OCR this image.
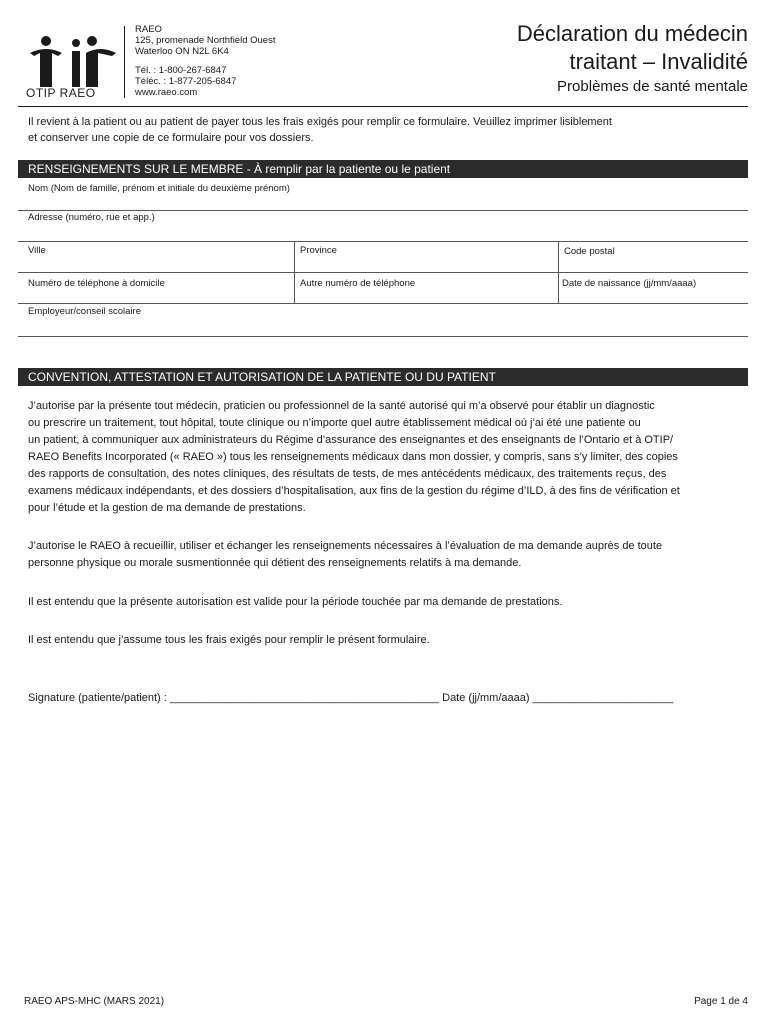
OTIP RAEO
RAEO
125, promenade Northfield Ouest
Waterloo ON N2L 6K4
Tél. : 1-800-267-6847
Téléc. : 1-877-205-6847
www.raeo.com
Déclaration du médecin
traitant – Invalidité
Problèmes de santé mentale
Il revient à la patient ou au patient de payer tous les frais exigés pour remplir ce formulaire. Veuillez imprimer lisiblement
et conserver une copie de ce formulaire pour vos dossiers.
RENSEIGNEMENTS SUR LE MEMBRE - À remplir par la patiente ou le patient
Nom (Nom de famille, prénom et initiale du deuxième prénom)
Adresse (numéro, rue et app.)
Ville	Province	Code postal
Numéro de téléphone à domicile	Autre numéro de téléphone	Date de naissance (jj/mm/aaaa)
Employeur/conseil scolaire
CONVENTION, ATTESTATION ET AUTORISATION DE LA PATIENTE OU DU PATIENT
J’autorise par la présente tout médecin, praticien ou professionnel de la santé autorisé qui m’a observé pour établir un diagnostic
ou prescrire un traitement, tout hôpital, toute clinique ou n’importe quel autre établissement médical où j’ai été une patiente ou
un patient, à communiquer aux administrateurs du Régime d’assurance des enseignantes et des enseignants de l’Ontario et à OTIP/
RAEO Benefits Incorporated (« RAEO ») tous les renseignements médicaux dans mon dossier, y compris, sans s’y limiter, des copies
des rapports de consultation, des notes cliniques, des résultats de tests, de mes antécédents médicaux, des traitements reçus, des
examens médicaux indépendants, et des dossiers d’hospitalisation, aux fins de la gestion du régime d’ILD, à des fins de vérification et
pour l’étude et la gestion de ma demande de prestations.
J’autorise le RAEO à recueillir, utiliser et échanger les renseignements nécessaires à l’évaluation de ma demande auprès de toute
personne physique ou morale susmentionnée qui détient des renseignements relatifs à ma demande.
Il est entendu que la présente autorisation est valide pour la période touchée par ma demande de prestations.
Il est entendu que j’assume tous les frais exigés pour remplir le présent formulaire.
Signature (patiente/patient) : ____________________________________________ Date (jj/mm/aaaa) _______________________
RAEO APS-MHC (MARS 2021)	Page 1 de 4
